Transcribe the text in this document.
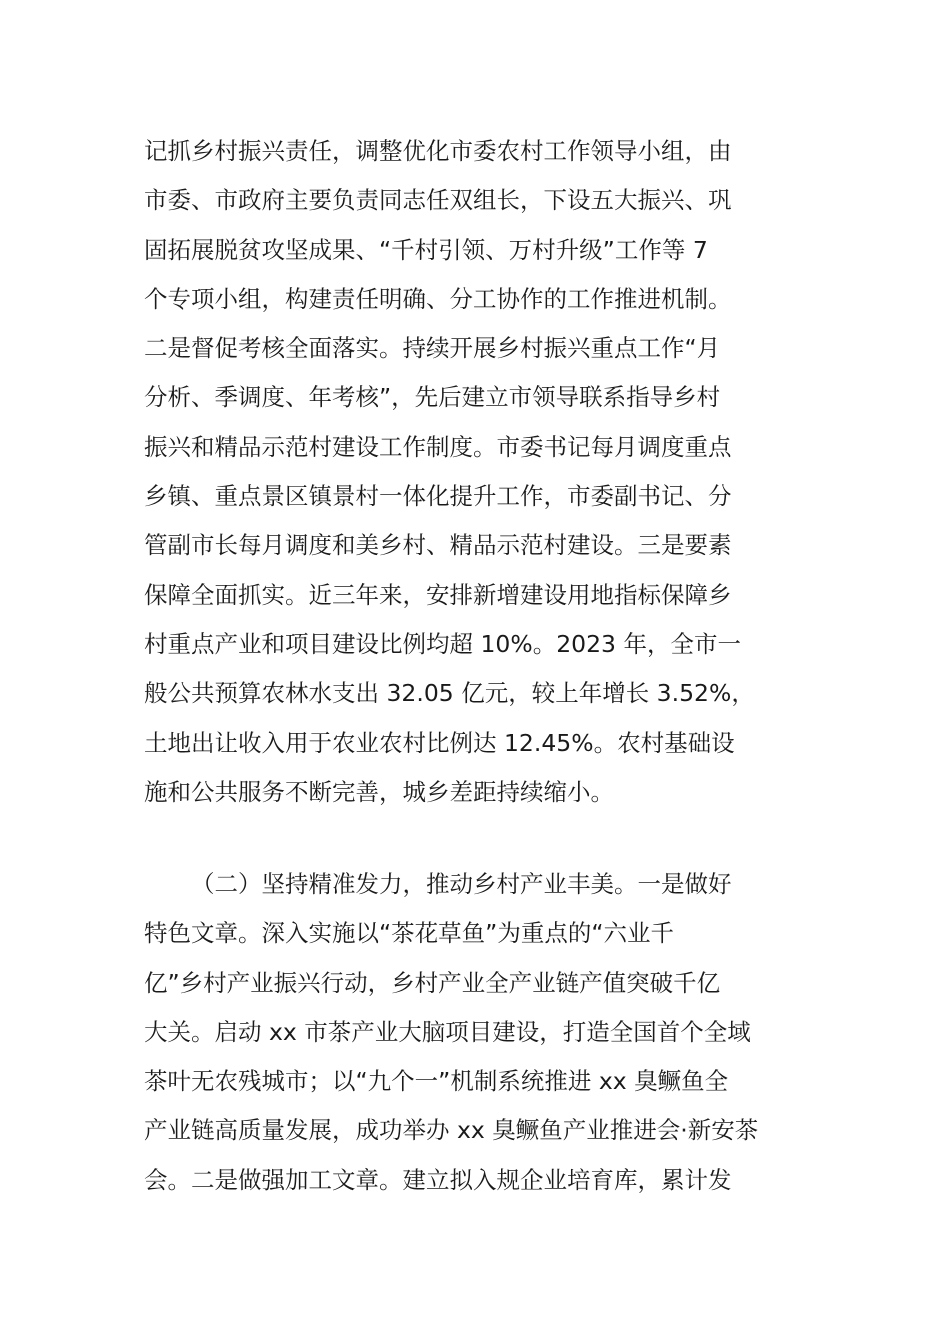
记抓乡村振兴责任，调整优化市委农村工作领导小组，由
市委、市政府主要负责同志任双组长，下设五大振兴、巩
固拓展脱贫攻坚成果、“千村引领、万村升级”工作等 7
个专项小组，构建责任明确、分工协作的工作推进机制。
二是督促考核全面落实。持续开展乡村振兴重点工作“月
分析、季调度、年考核”，先后建立市领导联系指导乡村
振兴和精品示范村建设工作制度。市委书记每月调度重点
乡镇、重点景区镇景村一体化提升工作，市委副书记、分
管副市长每月调度和美乡村、精品示范村建设。三是要素
保障全面抓实。近三年来，安排新增建设用地指标保障乡
村重点产业和项目建设比例均超 10%。2023 年，全市一
般公共预算农林水支出 32.05 亿元，较上年增长 3.52%，
土地出让收入用于农业农村比例达 12.45%。农村基础设
施和公共服务不断完善，城乡差距持续缩小。
（二）坚持精准发力，推动乡村产业丰美。一是做好
特色文章。深入实施以“茶花草鱼”为重点的“六业千
亿”乡村产业振兴行动，乡村产业全产业链产值突破千亿
大关。启动 xx 市茶产业大脑项目建设，打造全国首个全域
茶叶无农残城市；以“九个一”机制系统推进 xx 臭鳜鱼全
产业链高质量发展，成功举办 xx 臭鳜鱼产业推进会·新安茶
会。二是做强加工文章。建立拟入规企业培育库，累计发
